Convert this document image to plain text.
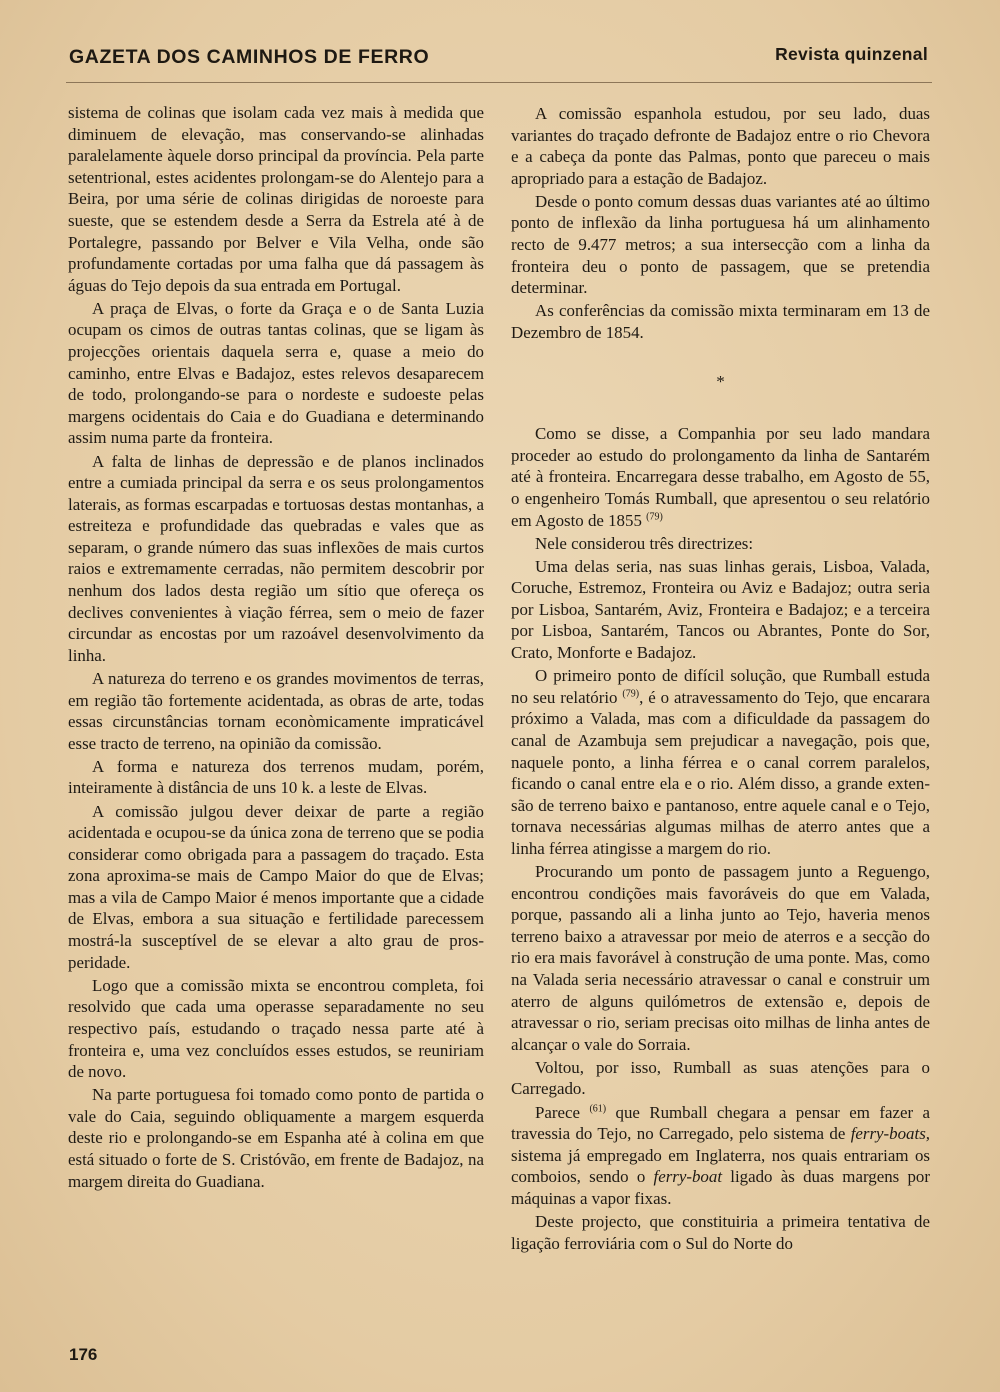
GAZETA DOS CAMINHOS DE FERRO	Revista quinzenal

sistema de colinas que isolam cada vez mais à medida que diminuem de elevação, mas conservando-se alinhadas paralelamente àquele dorso principal da província. Pela parte setentrional, estes acidentes prolongam-se do Alentejo para a Beira, por uma série de colinas dirigidas de noroeste para sueste, que se estendem desde a Serra da Estrela até à de Portalegre, passando por Belver e Vila Velha, onde são profundamente cortadas por uma falha que dá passagem às águas do Tejo depois da sua entrada em Portugal.

A praça de Elvas, o forte da Graça e o de Santa Luzia ocupam os cimos de outras tantas colinas, que se ligam às projecções orientais daquela serra e, quase a meio do caminho, entre Elvas e Badajoz, estes relevos desaparecem de todo, prolongando-se para o nordeste e sudoeste pelas margens ocidentais do Caia e do Guadiana e determinando assim numa parte da fronteira.

A falta de linhas de depressão e de planos inclinados entre a cumiada principal da serra e os seus prolongamentos laterais, as formas escarpadas e tortuosas destas montanhas, a estreiteza e profundidade das quebradas e vales que as separam, o grande número das suas inflexões de mais curtos raios e extremamente cerradas, não permitem descobrir por nenhum dos lados desta região um sítio que ofereça os declives convenientes à viação férrea, sem o meio de fazer circundar as encostas por um razoável desenvolvimento da linha.

A natureza do terreno e os grandes movimentos de terras, em região tão fortemente acidentada, as obras de arte, todas essas circunstâncias tornam econòmicamente impraticável esse tracto de terreno, na opinião da comissão.

A forma e natureza dos terrenos mudam, porém, inteiramente à distância de uns 10 k. a leste de Elvas.

A comissão julgou dever deixar de parte a região acidentada e ocupou-se da única zona de terreno que se podia considerar como obrigada para a passagem do traçado. Esta zona aproxima-se mais de Campo Maior do que de Elvas; mas a vila de Campo Maior é menos importante que a cidade de Elvas, embora a sua situação e fertilidade parecessem mostrá-la susceptível de se elevar a alto grau de prosperidade.

Logo que a comissão mixta se encontrou completa, foi resolvido que cada uma operasse separadamente no seu respectivo país, estudando o traçado nessa parte até à fronteira e, uma vez concluídos esses estudos, se reuniriam de novo.

Na parte portuguesa foi tomado como ponto de partida o vale do Caia, seguindo obliquamente a margem esquerda deste rio e prolongando-se em Espanha até à colina em que está situado o forte de S. Cristóvão, em frente de Badajoz, na margem direita do Guadiana.

A comissão espanhola estudou, por seu lado, duas variantes do traçado defronte de Badajoz entre o rio Chevora e a cabeça da ponte das Palmas, ponto que pareceu o mais apropriado para a estação de Badajoz.

Desde o ponto comum dessas duas variantes até ao último ponto de inflexão da linha portuguesa há um alinhamento recto de 9.477 metros; a sua intersecção com a linha da fronteira deu o ponto de passagem, que se pretendia determinar.

As conferências da comissão mixta terminaram em 13 de Dezembro de 1854.

*

Como se disse, a Companhia por seu lado mandara proceder ao estudo do prolongamento da linha de Santarém até à fronteira. Encarregara desse trabalho, em Agosto de 55, o engenheiro Tomás Rumball, que apresentou o seu relatório em Agosto de 1855 $^{(79)}$

Nele considerou três directrizes:

Uma delas seria, nas suas linhas gerais, Lisboa, Valada, Coruche, Estremoz, Fronteira ou Aviz e Badajoz; outra seria por Lisboa, Santarém, Aviz, Fronteira e Badajoz; e a terceira por Lisboa, Santarém, Tancos ou Abrantes, Ponte do Sor, Crato, Monforte e Badajoz.

O primeiro ponto de difícil solução, que Rumball estuda no seu relatório $^{(79)}$, é o atravessamento do Tejo, que encarara próximo a Valada, mas com a dificuldade da passagem do canal de Azambuja sem prejudicar a navegação, pois que, naquele ponto, a linha férrea e o canal correm paralelos, ficando o canal entre ela e o rio. Além disso, a grande extensão de terreno baixo e pantanoso, entre aquele canal e o Tejo, tornava necessárias algumas milhas de aterro antes que a linha férrea atingisse a margem do rio.

Procurando um ponto de passagem junto a Reguengo, encontrou condições mais favoráveis do que em Valada, porque, passando ali a linha junto ao Tejo, haveria menos terreno baixo a atravessar por meio de aterros e a secção do rio era mais favorável à construção de uma ponte. Mas, como na Valada seria necessário atravessar o canal e construir um aterro de alguns quilómetros de extensão e, depois de atravessar o rio, seriam precisas oito milhas de linha antes de alcançar o vale do Sorraia.

Voltou, por isso, Rumball as suas atenções para o Carregado.

Parece $^{(61)}$ que Rumball chegara a pensar em fazer a travessia do Tejo, no Carregado, pelo sistema de ferry-boats, sistema já empregado em Inglaterra, nos quais entrariam os comboios, sendo o ferry-boat ligado às duas margens por máquinas a vapor fixas.

Deste projecto, que constituiria a primeira tentativa de ligação ferroviária com o Sul do Norte do

176
